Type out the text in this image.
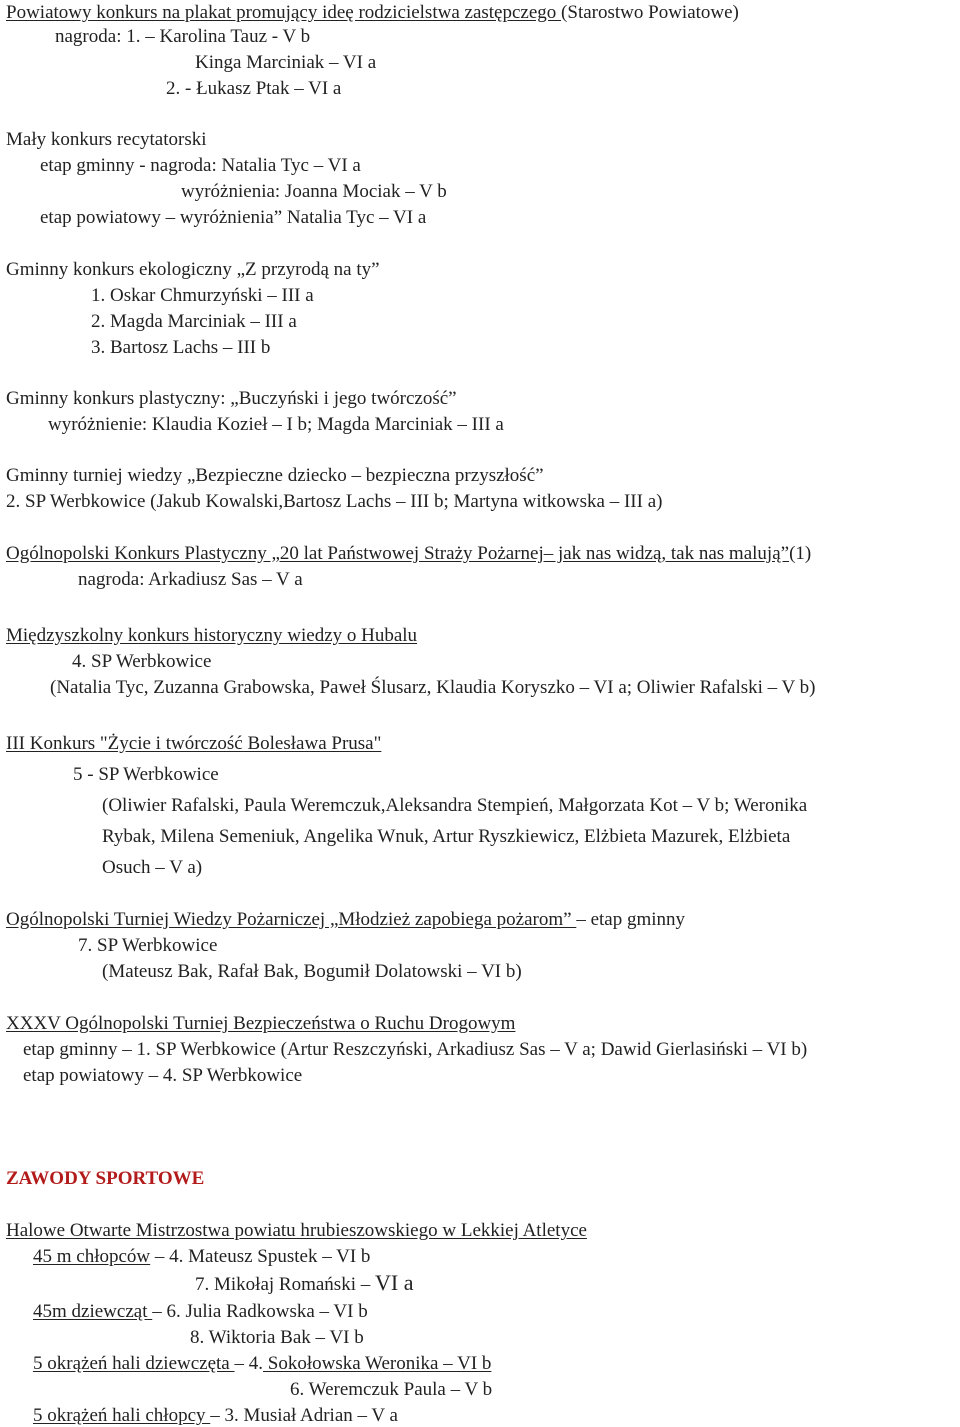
Powiatowy konkurs na plakat promujący ideę rodzicielstwa zastępczego (Starostwo Powiatowe)
nagroda: 1. – Karolina Tauz - V b
Kinga Marciniak – VI a
2. - Łukasz Ptak – VI a
Mały konkurs recytatorski
etap gminny - nagroda: Natalia Tyc – VI a
wyróżnienia: Joanna Mociak – V b
etap powiatowy – wyróżnienia” Natalia Tyc – VI a
Gminny konkurs ekologiczny „Z przyrodą na ty”
1. Oskar Chmurzyński – III a
2. Magda Marciniak – III a
3. Bartosz Lachs – III b
Gminny konkurs plastyczny: „Buczyński i jego twórczość”
wyróżnienie: Klaudia Kozieł – I b; Magda Marciniak – III a
Gminny turniej wiedzy „Bezpieczne dziecko – bezpieczna przyszłość”
2. SP Werbkowice (Jakub Kowalski,Bartosz Lachs – III b; Martyna witkowska – III a)
Ogólnopolski Konkurs Plastyczny „20 lat Państwowej Straży Pożarnej– jak nas widzą, tak nas malują”(1)
nagroda: Arkadiusz Sas – V a
Międzyszkolny konkurs historyczny wiedzy o Hubalu
4. SP Werbkowice
(Natalia Tyc, Zuzanna Grabowska, Paweł Ślusarz, Klaudia Koryszko – VI a; Oliwier Rafalski – V b)
III Konkurs "Życie i twórczość Bolesława Prusa"
5 - SP Werbkowice
(Oliwier Rafalski, Paula Weremczuk,Aleksandra Stempień, Małgorzata Kot – V b; Weronika
Rybak, Milena Semeniuk, Angelika Wnuk, Artur Ryszkiewicz, Elżbieta Mazurek, Elżbieta
Osuch – V a)
Ogólnopolski Turniej Wiedzy Pożarniczej „Młodzież zapobiega pożarom” – etap gminny
7. SP Werbkowice
(Mateusz Bak, Rafał Bak, Bogumił Dolatowski – VI b)
XXXV Ogólnopolski Turniej Bezpieczeństwa o Ruchu Drogowym
etap gminny – 1. SP Werbkowice (Artur Reszczyński, Arkadiusz Sas – V a; Dawid Gierlasiński – VI b)
etap powiatowy – 4. SP Werbkowice
ZAWODY SPORTOWE
Halowe Otwarte Mistrzostwa powiatu hrubieszowskiego w Lekkiej Atletyce
45 m chłopców – 4. Mateusz Spustek – VI b
7. Mikołaj Romański – VI a
45m dziewcząt – 6. Julia Radkowska – VI b
8. Wiktoria Bak – VI b
5 okrążeń hali dziewczęta – 4. Sokołowska Weronika – VI b
6. Weremczuk Paula – V b
5 okrążeń hali chłopcy – 3. Musiał Adrian – V a
